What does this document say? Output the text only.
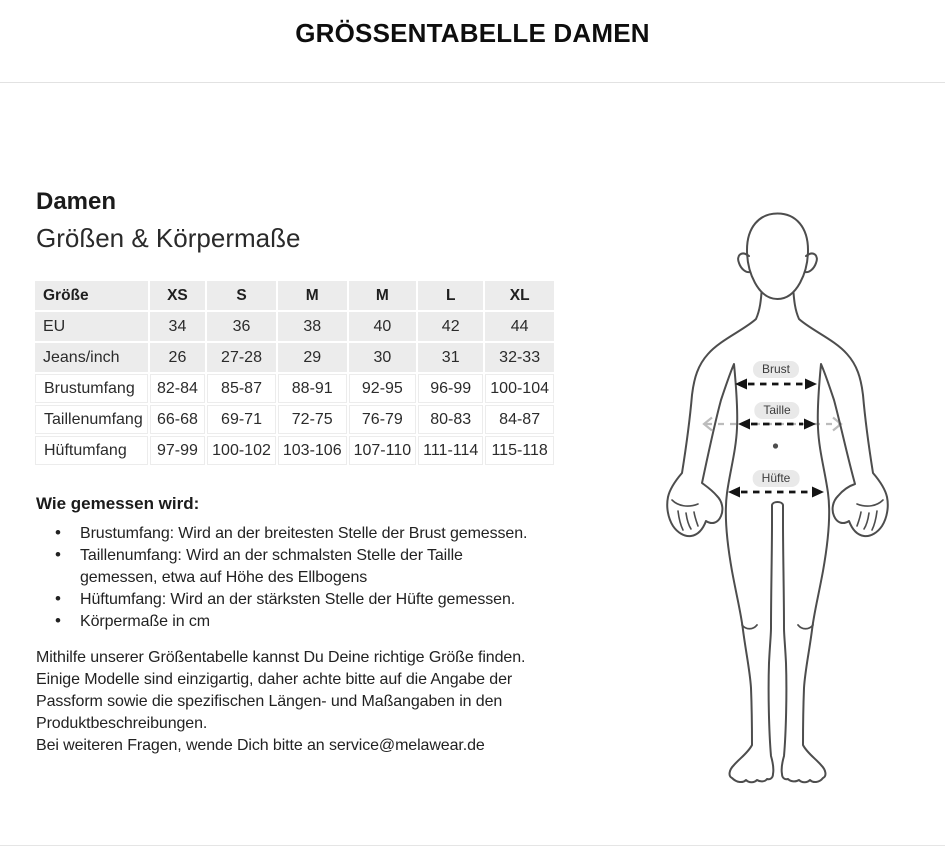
GRÖSSENTABELLE DAMEN
Damen
Größen & Körpermaße
Größe	XS	S	M	M	L	XL
EU	34	36	38	40	42	44
Jeans/inch	26	27-28	29	30	31	32-33
Brustumfang	82-84	85-87	88-91	92-95	96-99	100-104
Taillenumfang	66-68	69-71	72-75	76-79	80-83	84-87
Hüftumfang	97-99	100-102	103-106	107-110	111-114	115-118
Wie gemessen wird:
• Brustumfang: Wird an der breitesten Stelle der Brust gemessen.
• Taillenumfang: Wird an der schmalsten Stelle der Taille gemessen, etwa auf Höhe des Ellbogens
• Hüftumfang: Wird an der stärksten Stelle der Hüfte gemessen.
• Körpermaße in cm

Mithilfe unserer Größentabelle kannst Du Deine richtige Größe finden. Einige Modelle sind einzigartig, daher achte bitte auf die Angabe der Passform sowie die spezifischen Längen- und Maßangaben in den Produktbeschreibungen.

Bei weiteren Fragen, wende Dich bitte an service@melawear.de

Brust
Taille
Hüfte
